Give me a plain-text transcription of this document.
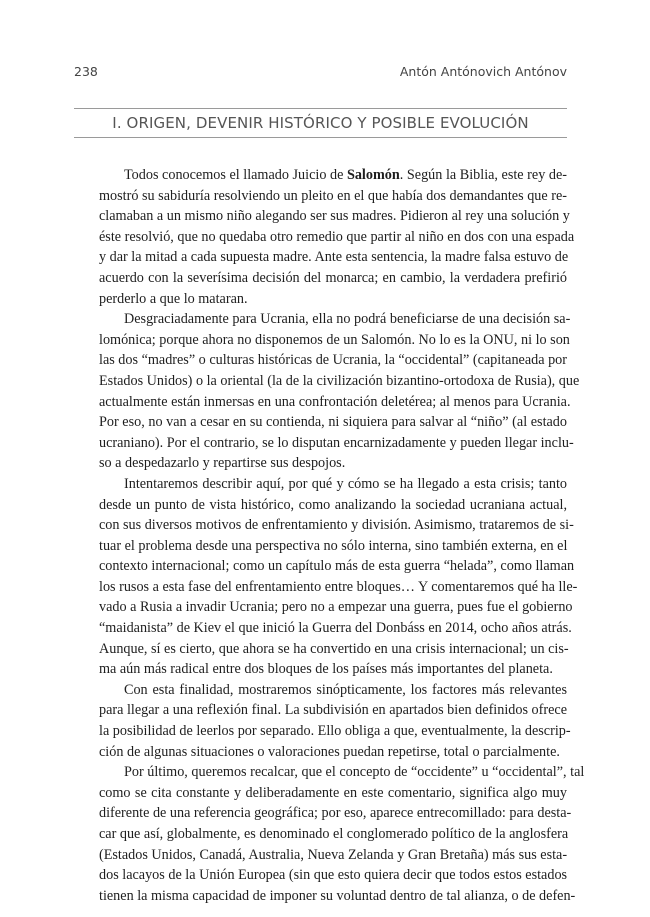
238	Antón Antónovich Antónov
I. ORIGEN, DEVENIR HISTÓRICO Y POSIBLE EVOLUCIÓN
Todos conocemos el llamado Juicio de Salomón. Según la Biblia, este rey de-
mostró su sabiduría resolviendo un pleito en el que había dos demandantes que re-
clamaban a un mismo niño alegando ser sus madres. Pidieron al rey una solución y
éste resolvió, que no quedaba otro remedio que partir al niño en dos con una espada
y dar la mitad a cada supuesta madre. Ante esta sentencia, la madre falsa estuvo de
acuerdo con la severísima decisión del monarca; en cambio, la verdadera prefirió
perderlo a que lo mataran.
Desgraciadamente para Ucrania, ella no podrá beneficiarse de una decisión sa-
lomónica; porque ahora no disponemos de un Salomón. No lo es la ONU, ni lo son
las dos “madres” o culturas históricas de Ucrania, la “occidental” (capitaneada por
Estados Unidos) o la oriental (la de la civilización bizantino-ortodoxa de Rusia), que
actualmente están inmersas en una confrontación deletérea; al menos para Ucrania.
Por eso, no van a cesar en su contienda, ni siquiera para salvar al “niño” (al estado
ucraniano). Por el contrario, se lo disputan encarnizadamente y pueden llegar inclu-
so a despedazarlo y repartirse sus despojos.
Intentaremos describir aquí, por qué y cómo se ha llegado a esta crisis; tanto
desde un punto de vista histórico, como analizando la sociedad ucraniana actual,
con sus diversos motivos de enfrentamiento y división. Asimismo, trataremos de si-
tuar el problema desde una perspectiva no sólo interna, sino también externa, en el
contexto internacional; como un capítulo más de esta guerra “helada”, como llaman
los rusos a esta fase del enfrentamiento entre bloques… Y comentaremos qué ha lle-
vado a Rusia a invadir Ucrania; pero no a empezar una guerra, pues fue el gobierno
“maidanista” de Kiev el que inició la Guerra del Donbáss en 2014, ocho años atrás.
Aunque, sí es cierto, que ahora se ha convertido en una crisis internacional; un cis-
ma aún más radical entre dos bloques de los países más importantes del planeta.
Con esta finalidad, mostraremos sinópticamente, los factores más relevantes
para llegar a una reflexión final. La subdivisión en apartados bien definidos ofrece
la posibilidad de leerlos por separado. Ello obliga a que, eventualmente, la descrip-
ción de algunas situaciones o valoraciones puedan repetirse, total o parcialmente.
Por último, queremos recalcar, que el concepto de “occidente” u “occidental”, tal
como se cita constante y deliberadamente en este comentario, significa algo muy
diferente de una referencia geográfica; por eso, aparece entrecomillado: para desta-
car que así, globalmente, es denominado el conglomerado político de la anglosfera
(Estados Unidos, Canadá, Australia, Nueva Zelanda y Gran Bretaña) más sus esta-
dos lacayos de la Unión Europea (sin que esto quiera decir que todos estos estados
tienen la misma capacidad de imponer su voluntad dentro de tal alianza, o de defen-
